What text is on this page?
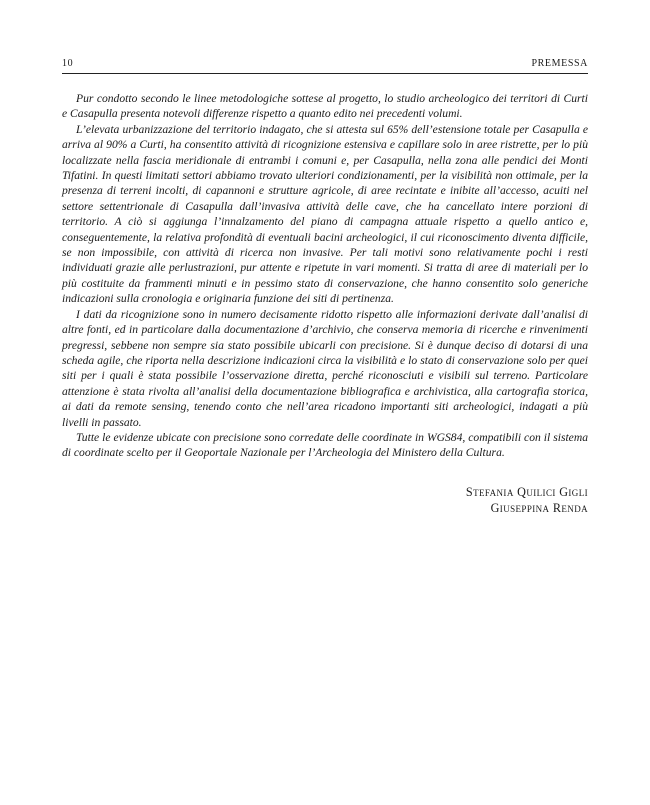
10	PREMESSA

Pur condotto secondo le linee metodologiche sottese al progetto, lo studio archeologico dei territori di Curti e Casapulla presenta notevoli differenze rispetto a quanto edito nei precedenti volumi.

L’elevata urbanizzazione del territorio indagato, che si attesta sul 65% dell’estensione totale per Casapulla e arriva al 90% a Curti, ha consentito attività di ricognizione estensiva e capillare solo in aree ristrette, per lo più localizzate nella fascia meridionale di entrambi i comuni e, per Casapulla, nella zona alle pendici dei Monti Tifatini. In questi limitati settori abbiamo trovato ulteriori condizionamenti, per la visibilità non ottimale, per la presenza di terreni incolti, di capannoni e strutture agricole, di aree recintate e inibite all’accesso, acuiti nel settore settentrionale di Casapulla dall’invasiva attività delle cave, che ha cancellato intere porzioni di territorio. A ciò si aggiunga l’innalzamento del piano di campagna attuale rispetto a quello antico e, conseguentemente, la relativa profondità di eventuali bacini archeologici, il cui riconoscimento diventa difficile, se non impossibile, con attività di ricerca non invasive. Per tali motivi sono relativamente pochi i resti individuati grazie alle perlustrazioni, pur attente e ripetute in vari momenti. Si tratta di aree di materiali per lo più costituite da frammenti minuti e in pessimo stato di conservazione, che hanno consentito solo generiche indicazioni sulla cronologia e originaria funzione dei siti di pertinenza.

I dati da ricognizione sono in numero decisamente ridotto rispetto alle informazioni derivate dall’analisi di altre fonti, ed in particolare dalla documentazione d’archivio, che conserva memoria di ricerche e rinvenimenti pregressi, sebbene non sempre sia stato possibile ubicarli con precisione. Si è dunque deciso di dotarsi di una scheda agile, che riporta nella descrizione indicazioni circa la visibilità e lo stato di conservazione solo per quei siti per i quali è stata possibile l’osservazione diretta, perché riconosciuti e visibili sul terreno. Particolare attenzione è stata rivolta all’analisi della documentazione bibliografica e archivistica, alla cartografia storica, ai dati da remote sensing, tenendo conto che nell’area ricadono importanti siti archeologici, indagati a più livelli in passato.

Tutte le evidenze ubicate con precisione sono corredate delle coordinate in WGS84, compatibili con il sistema di coordinate scelto per il Geoportale Nazionale per l’Archeologia del Ministero della Cultura.

Stefania Quilici Gigli
Giuseppina Renda
